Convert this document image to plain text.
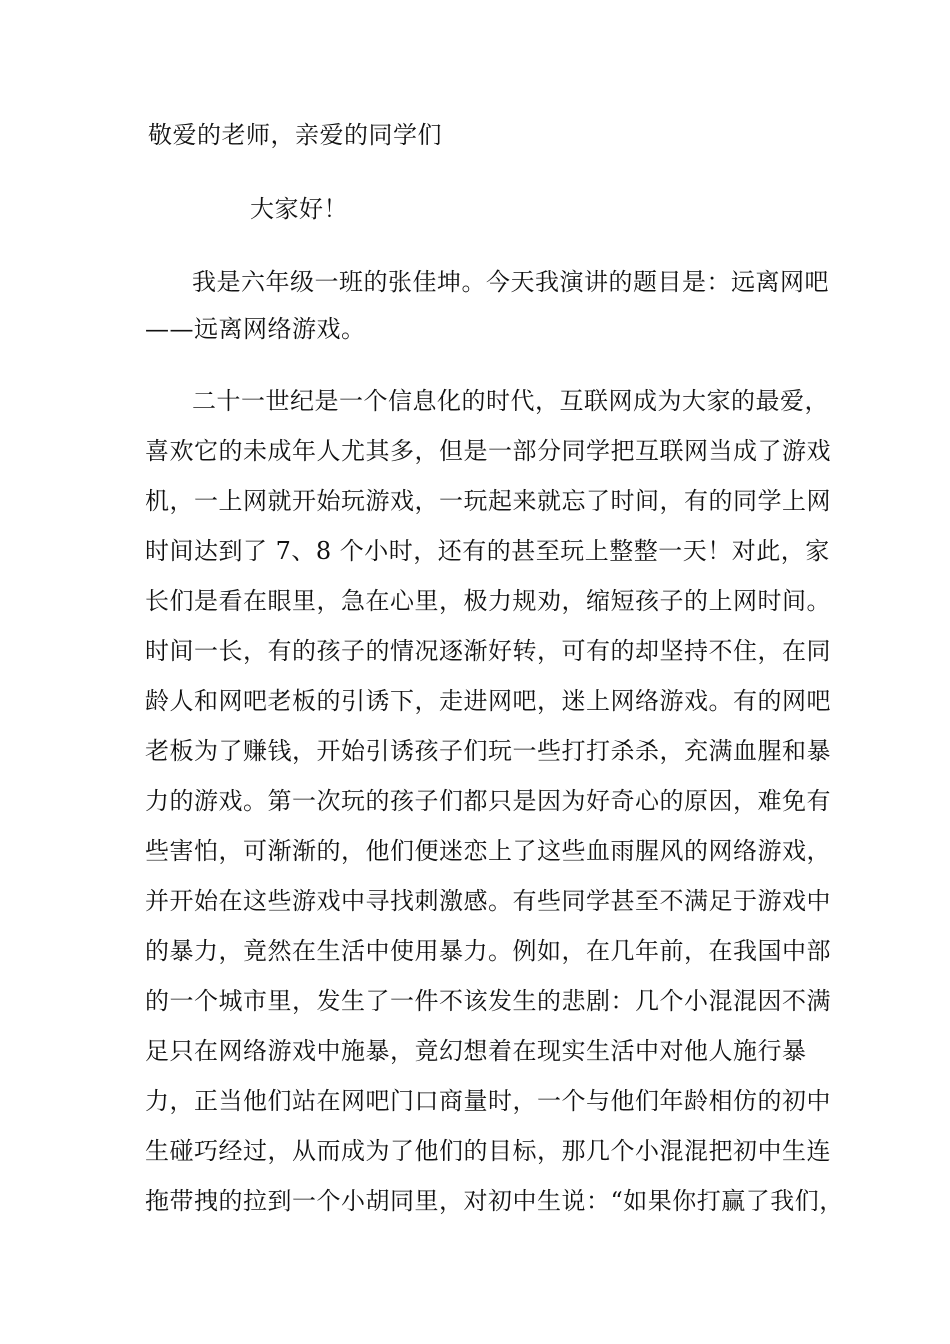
敬爱的老师，亲爱的同学们
大家好！
我是六年级一班的张佳坤。今天我演讲的题目是：远离网吧
——远离网络游戏。
二十一世纪是一个信息化的时代，互联网成为大家的最爱，
喜欢它的未成年人尤其多，但是一部分同学把互联网当成了游戏
机，一上网就开始玩游戏，一玩起来就忘了时间，有的同学上网
时间达到了 7、8 个小时，还有的甚至玩上整整一天！对此，家
长们是看在眼里，急在心里，极力规劝，缩短孩子的上网时间。
时间一长，有的孩子的情况逐渐好转，可有的却坚持不住，在同
龄人和网吧老板的引诱下，走进网吧，迷上网络游戏。有的网吧
老板为了赚钱，开始引诱孩子们玩一些打打杀杀，充满血腥和暴
力的游戏。第一次玩的孩子们都只是因为好奇心的原因，难免有
些害怕，可渐渐的，他们便迷恋上了这些血雨腥风的网络游戏，
并开始在这些游戏中寻找刺激感。有些同学甚至不满足于游戏中
的暴力，竟然在生活中使用暴力。例如，在几年前，在我国中部
的一个城市里，发生了一件不该发生的悲剧：几个小混混因不满
足只在网络游戏中施暴，竟幻想着在现实生活中对他人施行暴
力，正当他们站在网吧门口商量时，一个与他们年龄相仿的初中
生碰巧经过，从而成为了他们的目标，那几个小混混把初中生连
拖带拽的拉到一个小胡同里，对初中生说：“如果你打赢了我们，
